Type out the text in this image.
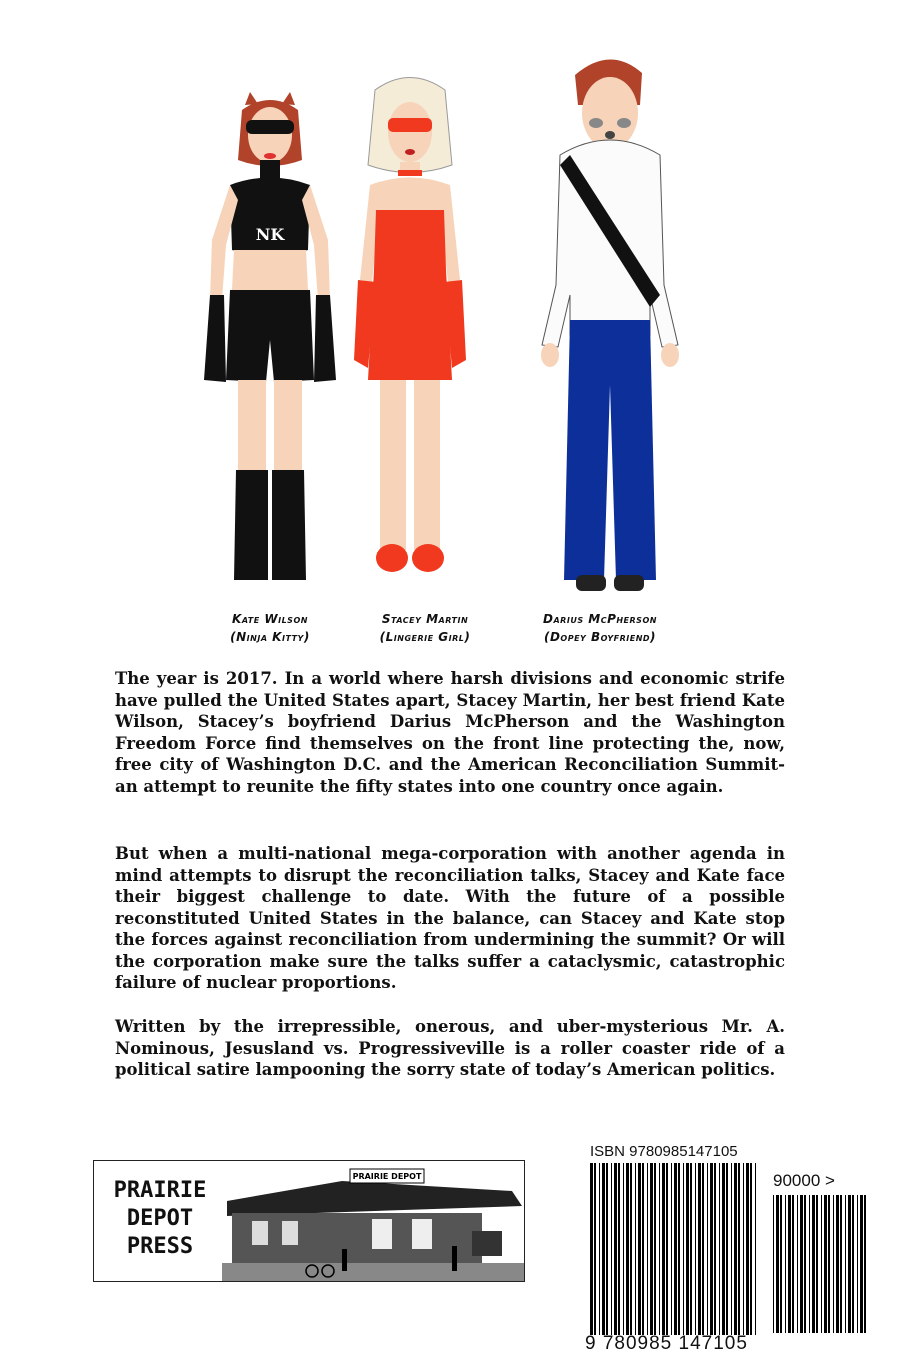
NK
Kate Wilson
(Ninja Kitty)
Stacey Martin
(Lingerie Girl)
Darius McPherson
(Dopey Boyfriend)
The year is 2017. In a world where harsh divisions and economic strife have pulled the United States apart, Stacey Martin, her best friend Kate Wilson, Stacey’s boyfriend Darius McPherson and the Washington Freedom Force find themselves on the front line protecting the, now, free city of Washington D.C. and the American Reconciliation Summit- an attempt to reunite the fifty states into one country once again.
But when a multi-national mega-corporation with another agenda in mind attempts to disrupt the reconciliation talks, Stacey and Kate face their biggest challenge to date. With the future of a possible reconstituted United States in the balance, can Stacey and Kate stop the forces against reconciliation from undermining the summit? Or will the corporation make sure the talks suffer a cataclysmic, catastrophic failure of nuclear proportions.
Written by the irrepressible, onerous, and uber-mysterious Mr. A. Nominous, Jesusland vs. Progressiveville is a roller coaster ride of a political satire lampooning the sorry state of today’s American politics.
PRAIRIE
DEPOT
PRESS
PRAIRIE DEPOT
ISBN 9780985147105
90000 >
9 780985 147105
